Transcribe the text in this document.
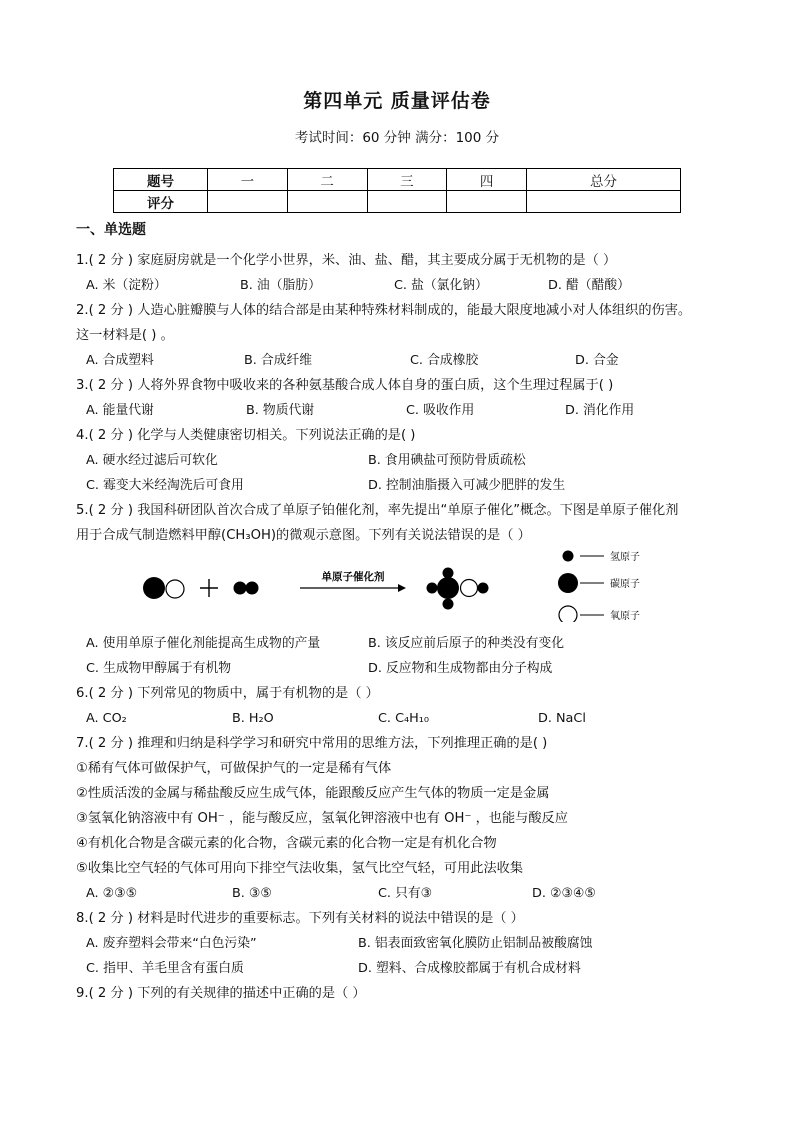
第四单元 质量评估卷
考试时间：60 分钟 满分：100 分
题号	一	二	三	四	总分
评分					
一、单选题
1.( 2 分 ) 家庭厨房就是一个化学小世界，米、油、盐、醋，其主要成分属于无机物的是（ ）
A. 米（淀粉）	B. 油（脂肪）	C. 盐（氯化钠）	D. 醋（醋酸）
2.( 2 分 ) 人造心脏瓣膜与人体的结合部是由某种特殊材料制成的，能最大限度地减小对人体组织的伤害。
这一材料是( ) 。
A. 合成塑料	B. 合成纤维	C. 合成橡胶	D. 合金
3.( 2 分 ) 人将外界食物中吸收来的各种氨基酸合成人体自身的蛋白质，这个生理过程属于( )
A. 能量代谢	B. 物质代谢	C. 吸收作用	D. 消化作用
4.( 2 分 ) 化学与人类健康密切相关。下列说法正确的是( )
A. 硬水经过滤后可软化	B. 食用碘盐可预防骨质疏松
C. 霉变大米经淘洗后可食用	D. 控制油脂摄入可减少肥胖的发生
5.( 2 分 ) 我国科研团队首次合成了单原子铂催化剂，率先提出“单原子催化”概念。下图是单原子催化剂
用于合成气制造燃料甲醇(CH₃OH)的微观示意图。下列有关说法错误的是（ ）
单原子催化剂
氢原子
碳原子
氧原子
A. 使用单原子催化剂能提高生成物的产量	B. 该反应前后原子的种类没有变化
C. 生成物甲醇属于有机物	D. 反应物和生成物都由分子构成
6.( 2 分 ) 下列常见的物质中，属于有机物的是（ ）
A. CO₂	B. H₂O	C. C₄H₁₀	D. NaCl
7.( 2 分 ) 推理和归纳是科学学习和研究中常用的思维方法，下列推理正确的是( )
①稀有气体可做保护气，可做保护气的一定是稀有气体
②性质活泼的金属与稀盐酸反应生成气体，能跟酸反应产生气体的物质一定是金属
③氢氧化钠溶液中有 OH⁻ ，能与酸反应，氢氧化钾溶液中也有 OH⁻ ，也能与酸反应
④有机化合物是含碳元素的化合物，含碳元素的化合物一定是有机化合物
⑤收集比空气轻的气体可用向下排空气法收集，氢气比空气轻，可用此法收集
A. ②③⑤	B. ③⑤	C. 只有③	D. ②③④⑤
8.( 2 分 ) 材料是时代进步的重要标志。下列有关材料的说法中错误的是（ ）
A. 废弃塑料会带来“白色污染”	B. 铝表面致密氧化膜防止铝制品被酸腐蚀
C. 指甲、羊毛里含有蛋白质	D. 塑料、合成橡胶都属于有机合成材料
9.( 2 分 ) 下列的有关规律的描述中正确的是（ ）
